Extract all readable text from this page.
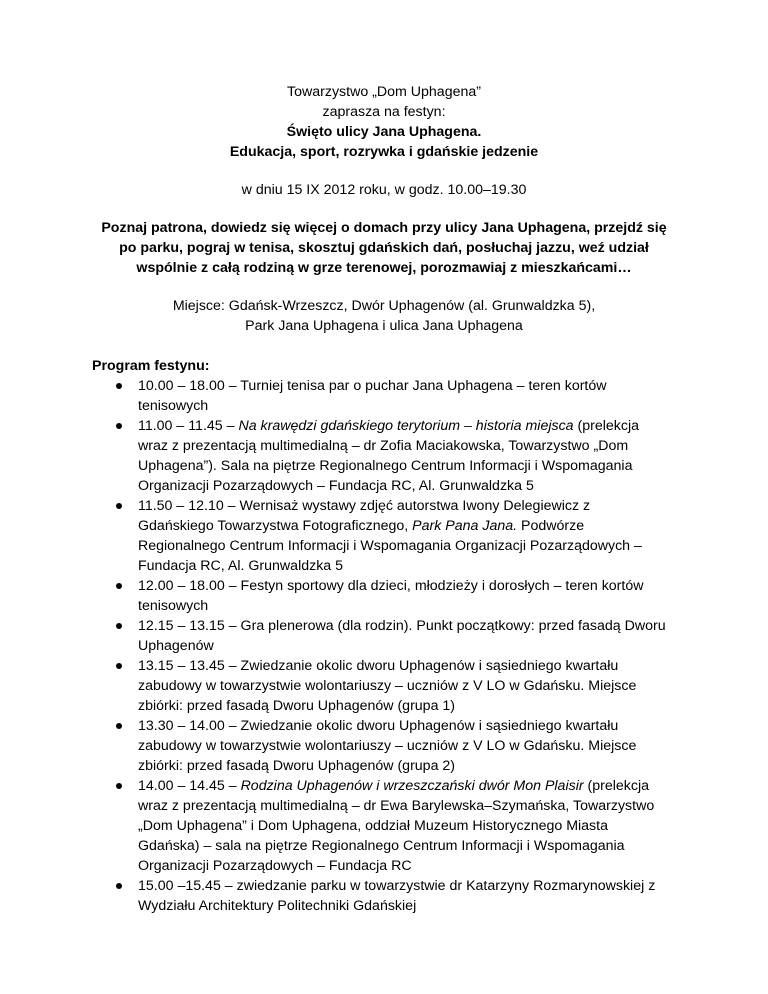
Towarzystwo „Dom Uphagena”
zaprasza na festyn:
Święto ulicy Jana Uphagena.
Edukacja, sport, rozrywka i gdańskie jedzenie
w dniu 15 IX 2012 roku, w godz. 10.00–19.30
Poznaj patrona, dowiedz się więcej o domach przy ulicy Jana Uphagena, przejdź się po parku, pograj w tenisa, skosztuj gdańskich dań, posłuchaj jazzu, weź udział wspólnie z całą rodziną w grze terenowej, porozmawiaj z mieszkańcami…
Miejsce: Gdańsk-Wrzeszcz, Dwór Uphagenów (al. Grunwaldzka 5),
Park Jana Uphagena i ulica Jana Uphagena
Program festynu:
10.00 – 18.00 – Turniej tenisa par o puchar Jana Uphagena – teren kortów tenisowych
11.00 – 11.45 – Na krawędzi gdańskiego terytorium – historia miejsca (prelekcja wraz z prezentacją multimedialną – dr Zofia Maciakowska, Towarzystwo „Dom Uphagena”). Sala na piętrze Regionalnego Centrum Informacji i Wspomagania Organizacji Pozarządowych – Fundacja RC, Al. Grunwaldzka 5
11.50 – 12.10 – Wernisaż wystawy zdjęć autorstwa Iwony Delegiewicz z Gdańskiego Towarzystwa Fotograficznego, Park Pana Jana. Podwórze Regionalnego Centrum Informacji i Wspomagania Organizacji Pozarządowych – Fundacja RC, Al. Grunwaldzka 5
12.00 – 18.00 – Festyn sportowy dla dzieci, młodzieży i dorosłych – teren kortów tenisowych
12.15 – 13.15 – Gra plenerowa (dla rodzin). Punkt początkowy: przed fasadą Dworu Uphagenów
13.15 – 13.45 – Zwiedzanie okolic dworu Uphagenów i sąsiedniego kwartału zabudowy w towarzystwie wolontariuszy – uczniów z V LO w Gdańsku. Miejsce zbiórki: przed fasadą Dworu Uphagenów (grupa 1)
13.30 – 14.00 – Zwiedzanie okolic dworu Uphagenów i sąsiedniego kwartału zabudowy w towarzystwie wolontariuszy – uczniów z V LO w Gdańsku. Miejsce zbiórki: przed fasadą Dworu Uphagenów (grupa 2)
14.00 – 14.45 – Rodzina Uphagenów i wrzeszczański dwór Mon Plaisir (prelekcja wraz z prezentacją multimedialną – dr Ewa Barylewska–Szymańska, Towarzystwo „Dom Uphagena” i Dom Uphagena, oddział Muzeum Historycznego Miasta Gdańska) – sala na piętrze Regionalnego Centrum Informacji i Wspomagania Organizacji Pozarządowych – Fundacja RC
15.00 –15.45 – zwiedzanie parku w towarzystwie dr Katarzyny Rozmarynowskiej z Wydziału Architektury Politechniki Gdańskiej
